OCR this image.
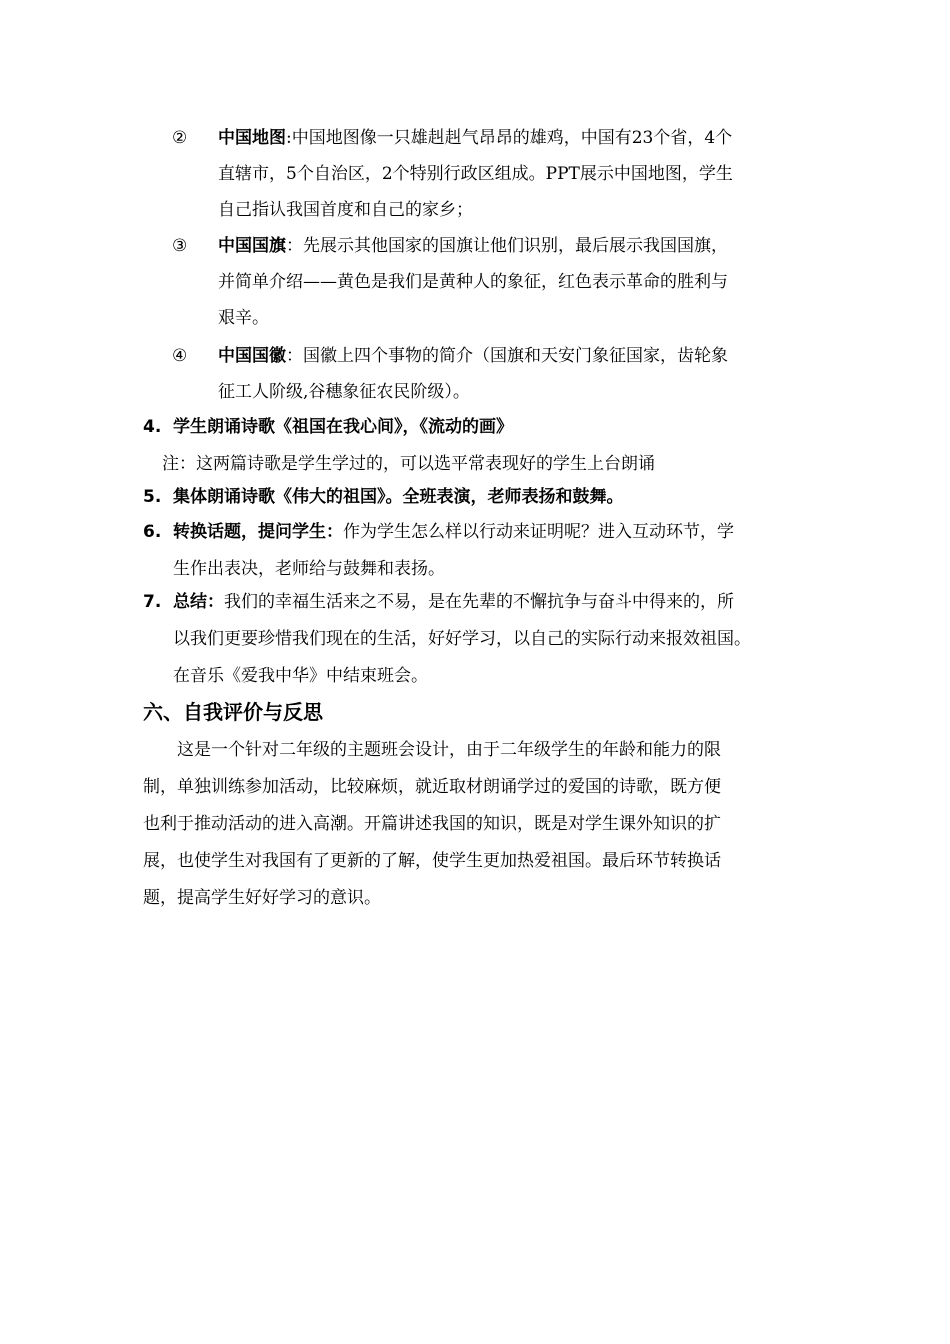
②	中国地图:中国地图像一只雄赳赳气昂昂的雄鸡，中国有23个省，4个
直辖市，5个自治区，2个特别行政区组成。PPT展示中国地图，学生
自己指认我国首度和自己的家乡；
③	中国国旗：先展示其他国家的国旗让他们识别，最后展示我国国旗，
并简单介绍——黄色是我们是黄种人的象征，红色表示革命的胜利与
艰辛。
④	中国国徽：国徽上四个事物的简介（国旗和天安门象征国家，齿轮象
征工人阶级,谷穗象征农民阶级）。
4. 学生朗诵诗歌《祖国在我心间》，《流动的画》
注：这两篇诗歌是学生学过的，可以选平常表现好的学生上台朗诵
5. 集体朗诵诗歌《伟大的祖国》。全班表演，老师表扬和鼓舞。
6. 转换话题，提问学生：作为学生怎么样以行动来证明呢？进入互动环节，学
生作出表决，老师给与鼓舞和表扬。
7. 总结：我们的幸福生活来之不易，是在先辈的不懈抗争与奋斗中得来的，所
以我们更要珍惜我们现在的生活，好好学习，以自己的实际行动来报效祖国。
在音乐《爱我中华》中结束班会。
六、自我评价与反思
这是一个针对二年级的主题班会设计，由于二年级学生的年龄和能力的限
制，单独训练参加活动，比较麻烦，就近取材朗诵学过的爱国的诗歌，既方便
也利于推动活动的进入高潮。开篇讲述我国的知识，既是对学生课外知识的扩
展，也使学生对我国有了更新的了解，使学生更加热爱祖国。最后环节转换话
题，提高学生好好学习的意识。
